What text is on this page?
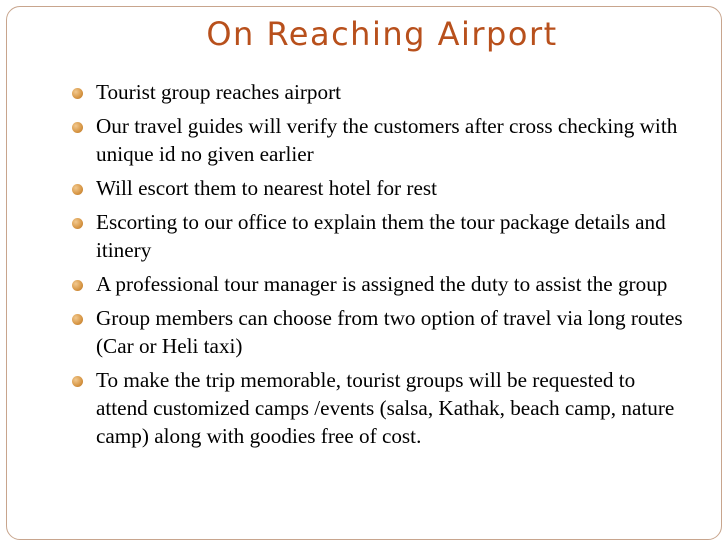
On Reaching Airport
Tourist group reaches airport
Our travel guides will verify the customers after cross checking with unique id no given earlier
Will escort them to nearest hotel for rest
Escorting to our office to explain them the tour package details and itinery
A professional tour manager is assigned the duty to assist the group
Group members can choose from two option of travel via long routes (Car or Heli taxi)
To make the trip memorable, tourist groups will be requested to attend customized camps /events (salsa, Kathak, beach camp, nature camp) along with goodies free of cost.
